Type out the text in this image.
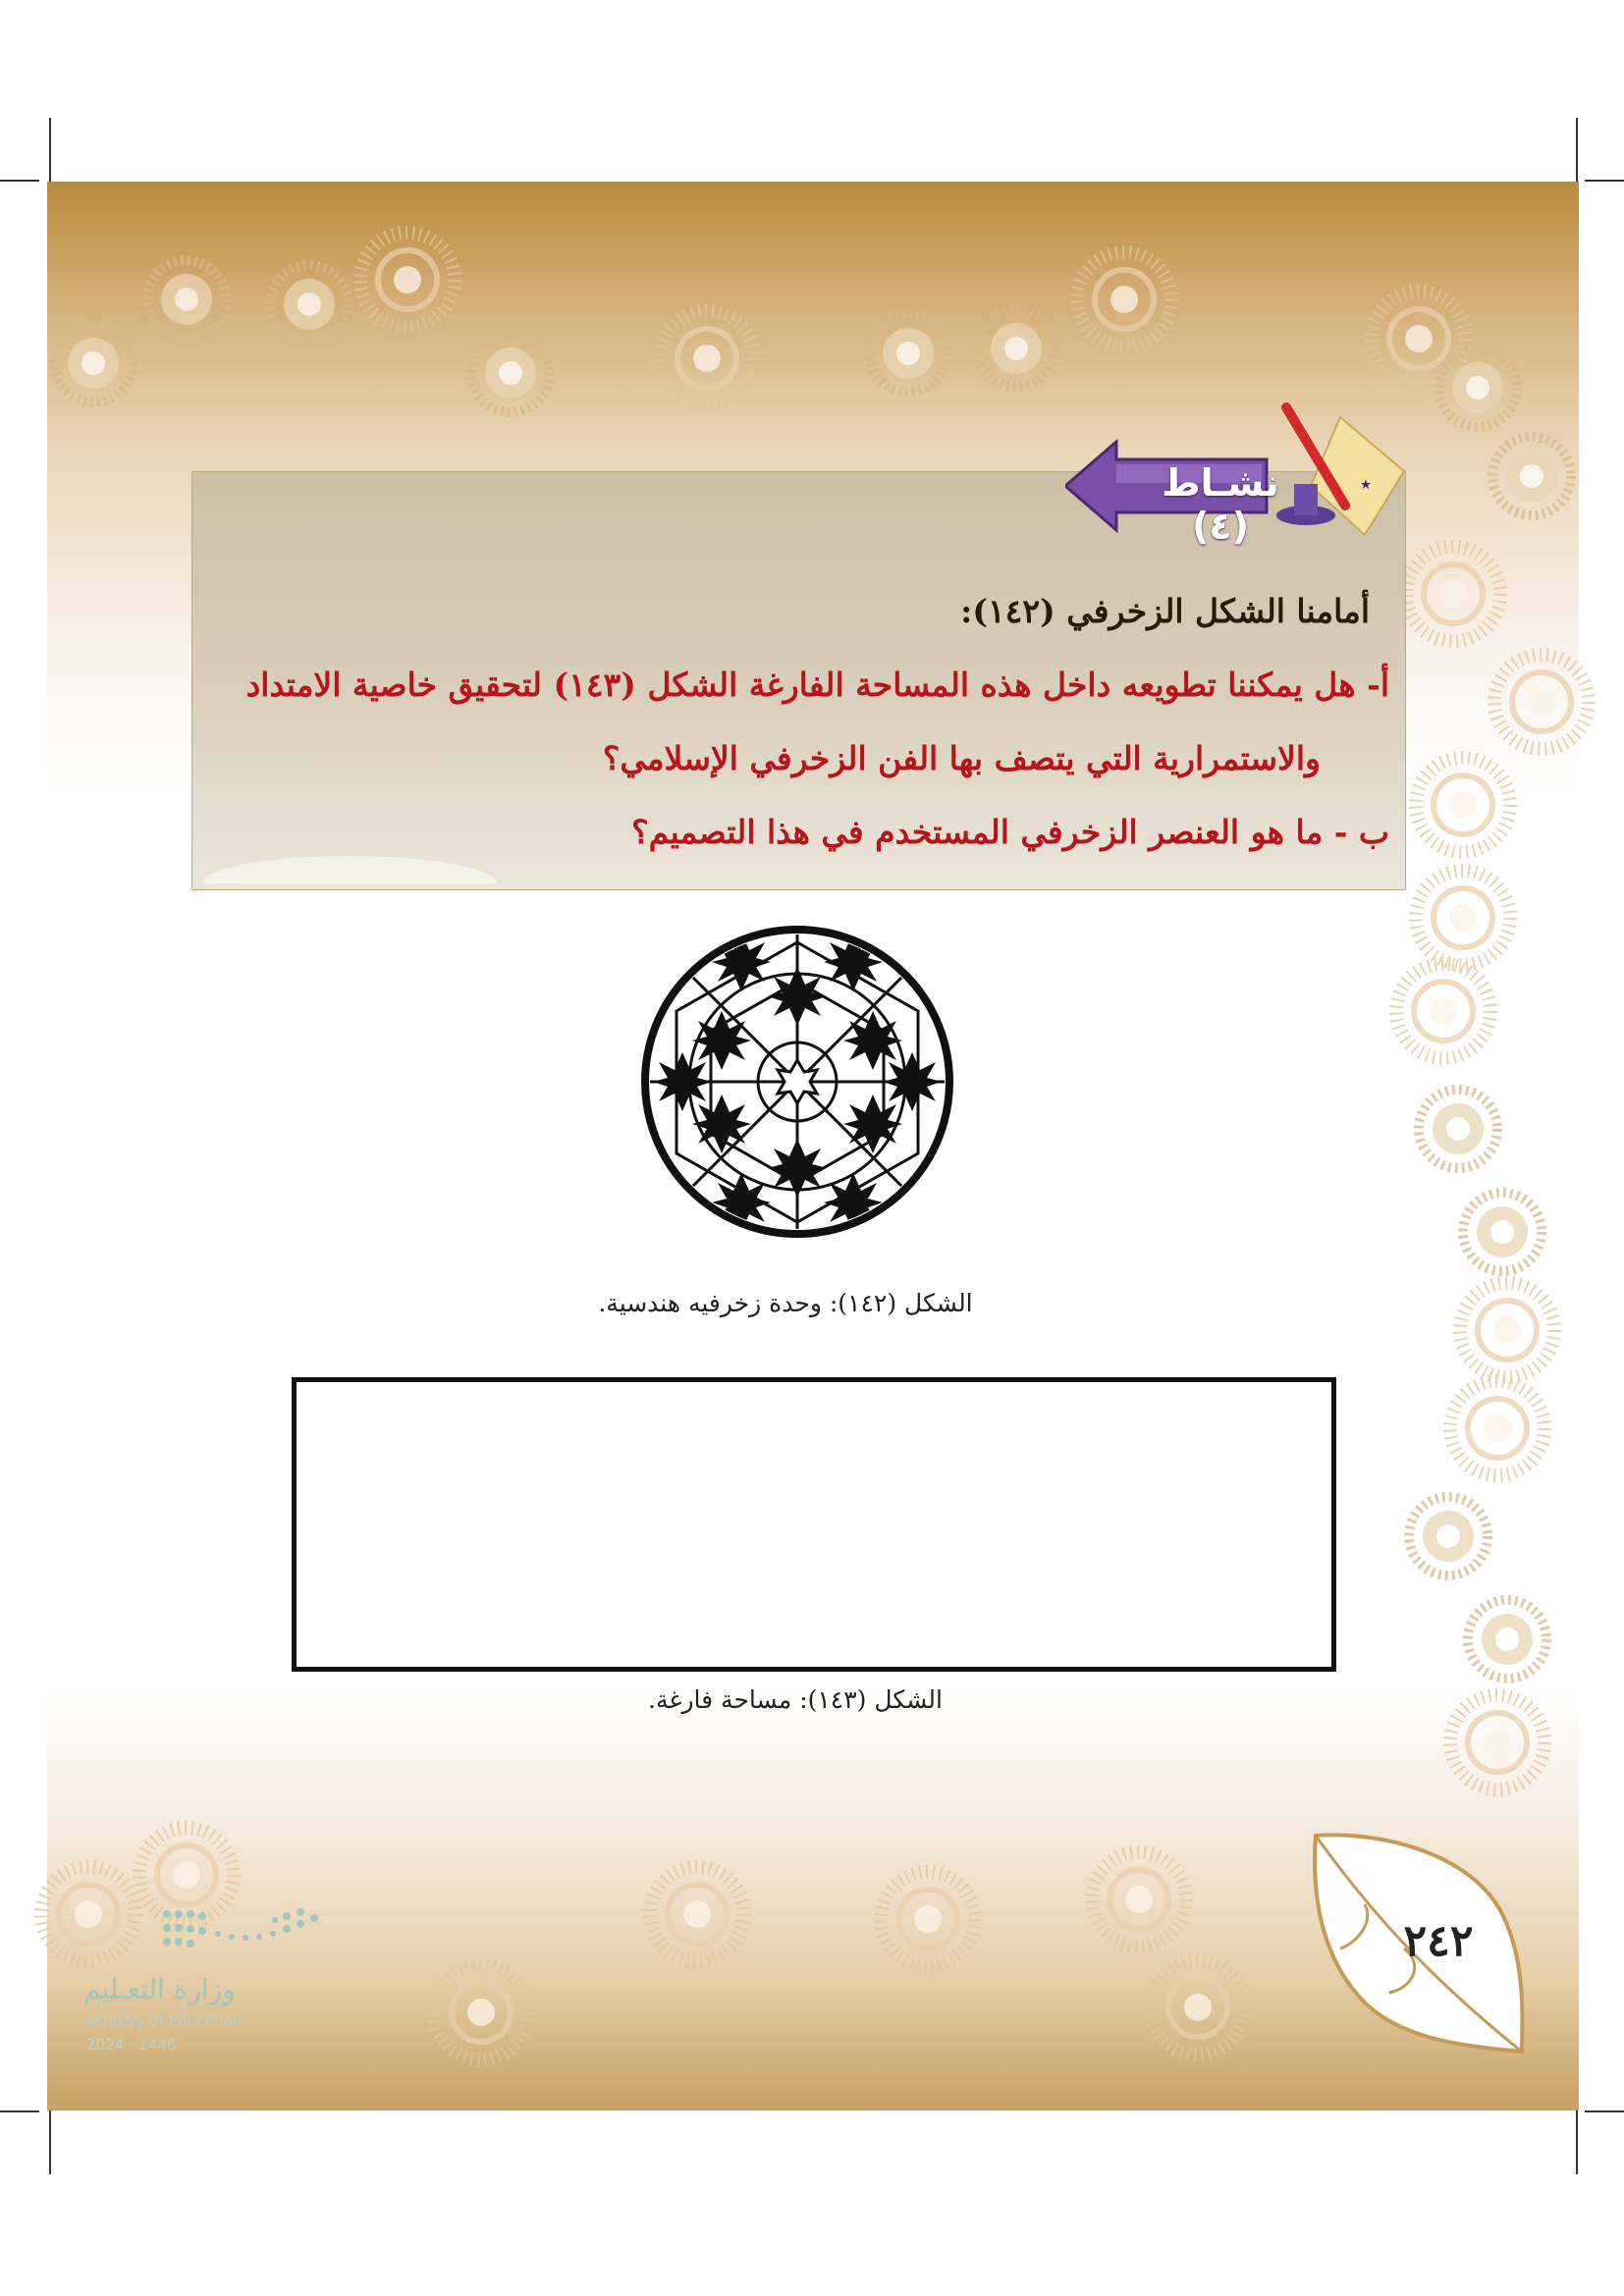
٭
نشـاط (٤)
أمامنا الشكل الزخرفي (١٤٢):
أ- هل يمكننا تطويعه داخل هذه المساحة الفارغة الشكل (١٤٣) لتحقيق خاصية الامتداد
والاستمرارية التي يتصف بها الفن الزخرفي الإسلامي؟
ب - ما هو العنصر الزخرفي المستخدم في هذا التصميم؟
الشكل (١٤٢): وحدة زخرفيه هندسية.
الشكل (١٤٣): مساحة فارغة.
٢٤٢
وزارة التعـليم
Ministry of Education
2024 - 1446
